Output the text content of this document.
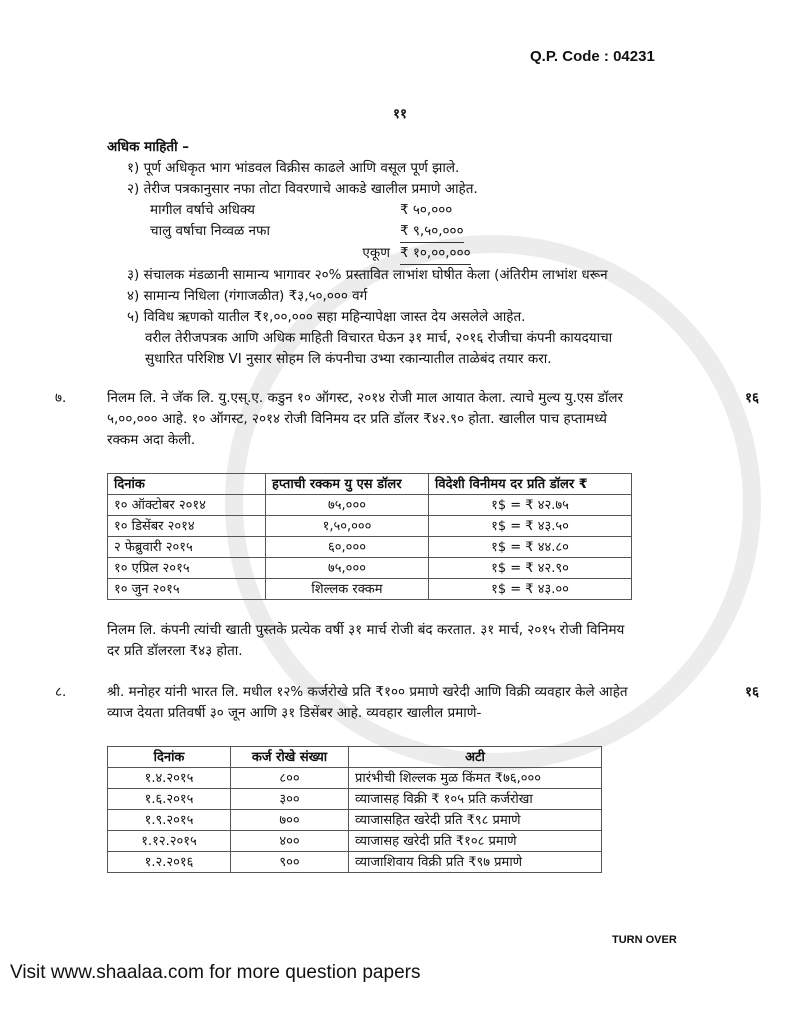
Q.P. Code : 04231
११
अधिक माहिती –
१) पूर्ण अधिकृत भाग भांडवल विक्रीस काढले आणि वसूल पूर्ण झाले.
२) तेरीज पत्रकानुसार नफा तोटा विवरणाचे आकडे खालील प्रमाणे आहेत.
मागील वर्षाचे अधिक्य	₹ ५०,०००
चालु वर्षाचा निव्वळ नफा	₹ ९,५०,०००
एकूण ₹ १०,००,०००
३) संचालक मंडळानी सामान्य भागावर २०% प्रस्तावित लाभांश घोषीत केला (अंतिरीम लाभांश धरून
४) सामान्य निधिला (गंगाजळीत) ₹३,५०,००० वर्ग
५) विविध ऋणको यातील ₹१,००,००० सहा महिन्यापेक्षा जास्त देय असलेले आहेत.
वरील तेरीजपत्रक आणि अधिक माहिती विचारत घेऊन ३१ मार्च, २०१६ रोजीचा कंपनी कायदयाचा
सुधारित परिशिष्ठ VI नुसार सोहम लि कंपनीचा उभ्या रकान्यातील ताळेबंद तयार करा.
७.	निलम लि. ने जॅक लि. यु.एस्.ए. कडुन १० ऑगस्ट, २०१४ रोजी माल आयात केला. त्याचे मुल्य यु.एस डॉलर
५,००,००० आहे. १० ऑगस्ट, २०१४ रोजी विनिमय दर प्रति डॉलर ₹४२.९० होता. खालील पाच हप्तामध्ये
रक्कम अदा केली.
१६
दिनांक	हप्ताची रक्कम यु एस डॉलर	विदेशी विनीमय दर प्रति डॉलर ₹
१० ऑक्टोबर २०१४	७५,०००	१$ = ₹ ४२.७५
१० डिसेंबर २०१४	१,५०,०००	१$ = ₹ ४३.५०
२ फेब्रुवारी २०१५	६०,०००	१$ = ₹ ४४.८०
१० एप्रिल २०१५	७५,०००	१$ = ₹ ४२.९०
१० जुन २०१५	शिल्लक रक्कम	१$ = ₹ ४३.००
निलम लि. कंपनी त्यांची खाती पुस्तके प्रत्येक वर्षी ३१ मार्च रोजी बंद करतात. ३१ मार्च, २०१५ रोजी विनिमय
दर प्रति डॉलरला ₹४३ होता.
८.	श्री. मनोहर यांनी भारत लि. मधील १२% कर्जरोखे प्रति ₹१०० प्रमाणे खरेदी आणि विक्री व्यवहार केले आहेत
व्याज देयता प्रतिवर्षी ३० जून आणि ३१ डिसेंबर आहे. व्यवहार खालील प्रमाणे-
१६
दिनांक	कर्ज रोखे संख्या	अटी
१.४.२०१५	८००	प्रारंभीची शिल्लक मुळ किंमत ₹७६,०००
१.६.२०१५	३००	व्याजासह विक्री ₹ १०५ प्रति कर्जरोखा
१.९.२०१५	७००	व्याजासहित खरेदी प्रति ₹९८ प्रमाणे
१.१२.२०१५	४००	व्याजासह खरेदी प्रति ₹१०८ प्रमाणे
१.२.२०१६	९००	व्याजाशिवाय विक्री प्रति ₹९७ प्रमाणे
TURN OVER
Visit www.shaalaa.com for more question papers
